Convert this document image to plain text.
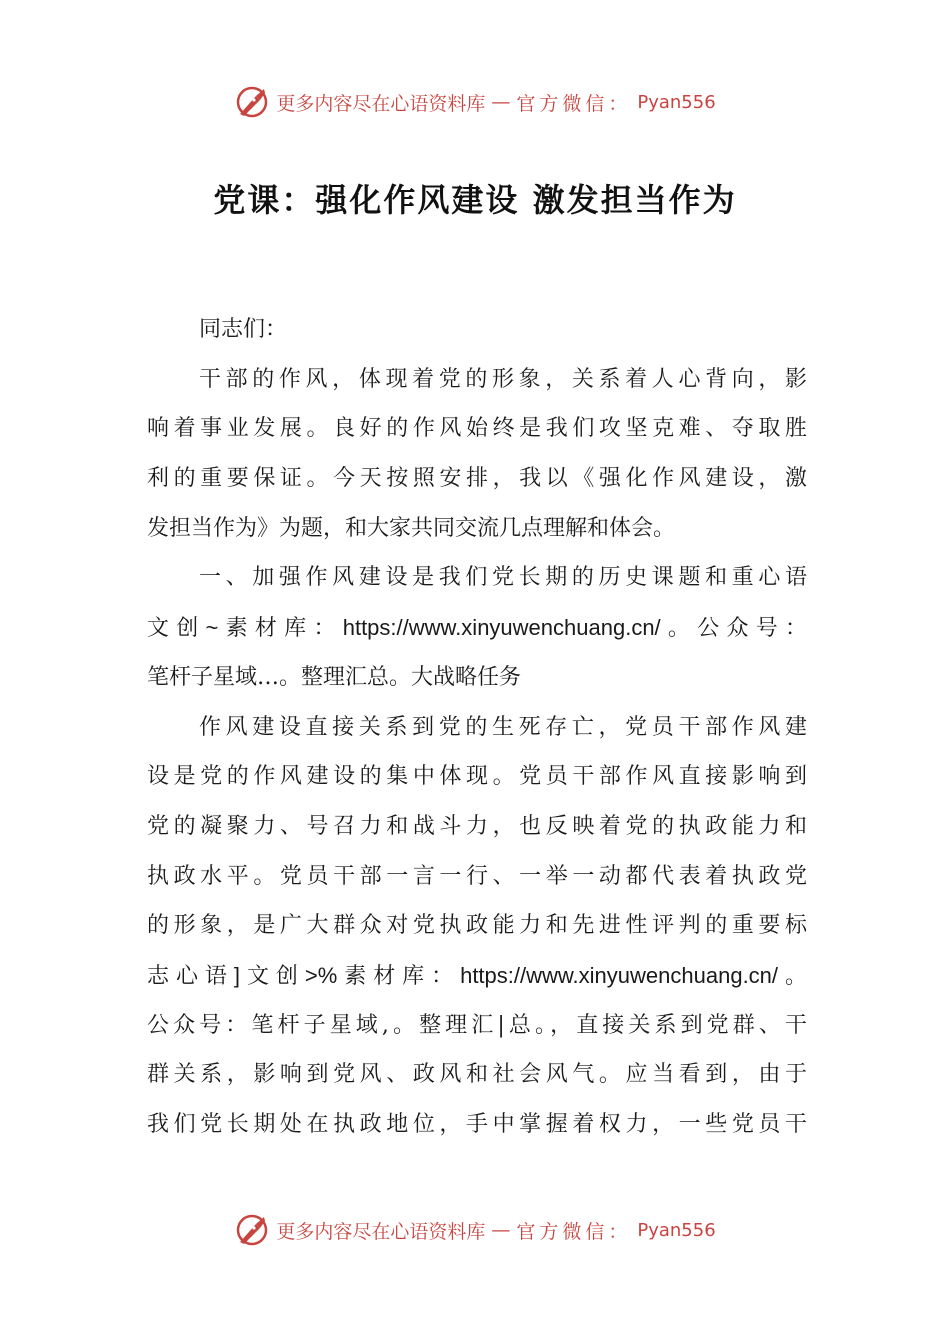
更多内容尽在心语资料库 — 官方微信： Pyan556
党课：强化作风建设 激发担当作为
同志们：
干部的作风，体现着党的形象，关系着人心背向，影
响着事业发展。良好的作风始终是我们攻坚克难、夺取胜
利的重要保证。今天按照安排，我以《强化作风建设，激
发担当作为》为题，和大家共同交流几点理解和体会。
一、加强作风建设是我们党长期的历史课题和重心语
文创~素材库：https://www.xinyuwenchuang.cn/。公众号：
笔杆子星域…。整理汇总。大战略任务
作风建设直接关系到党的生死存亡，党员干部作风建
设是党的作风建设的集中体现。党员干部作风直接影响到
党的凝聚力、号召力和战斗力，也反映着党的执政能力和
执政水平。党员干部一言一行、一举一动都代表着执政党
的形象，是广大群众对党执政能力和先进性评判的重要标
志心语]文创>%素材库：https://www.xinyuwenchuang.cn/。
公众号：笔杆子星域,。整理汇|总。，直接关系到党群、干
群关系，影响到党风、政风和社会风气。应当看到，由于
我们党长期处在执政地位，手中掌握着权力，一些党员干
更多内容尽在心语资料库 — 官方微信： Pyan556
